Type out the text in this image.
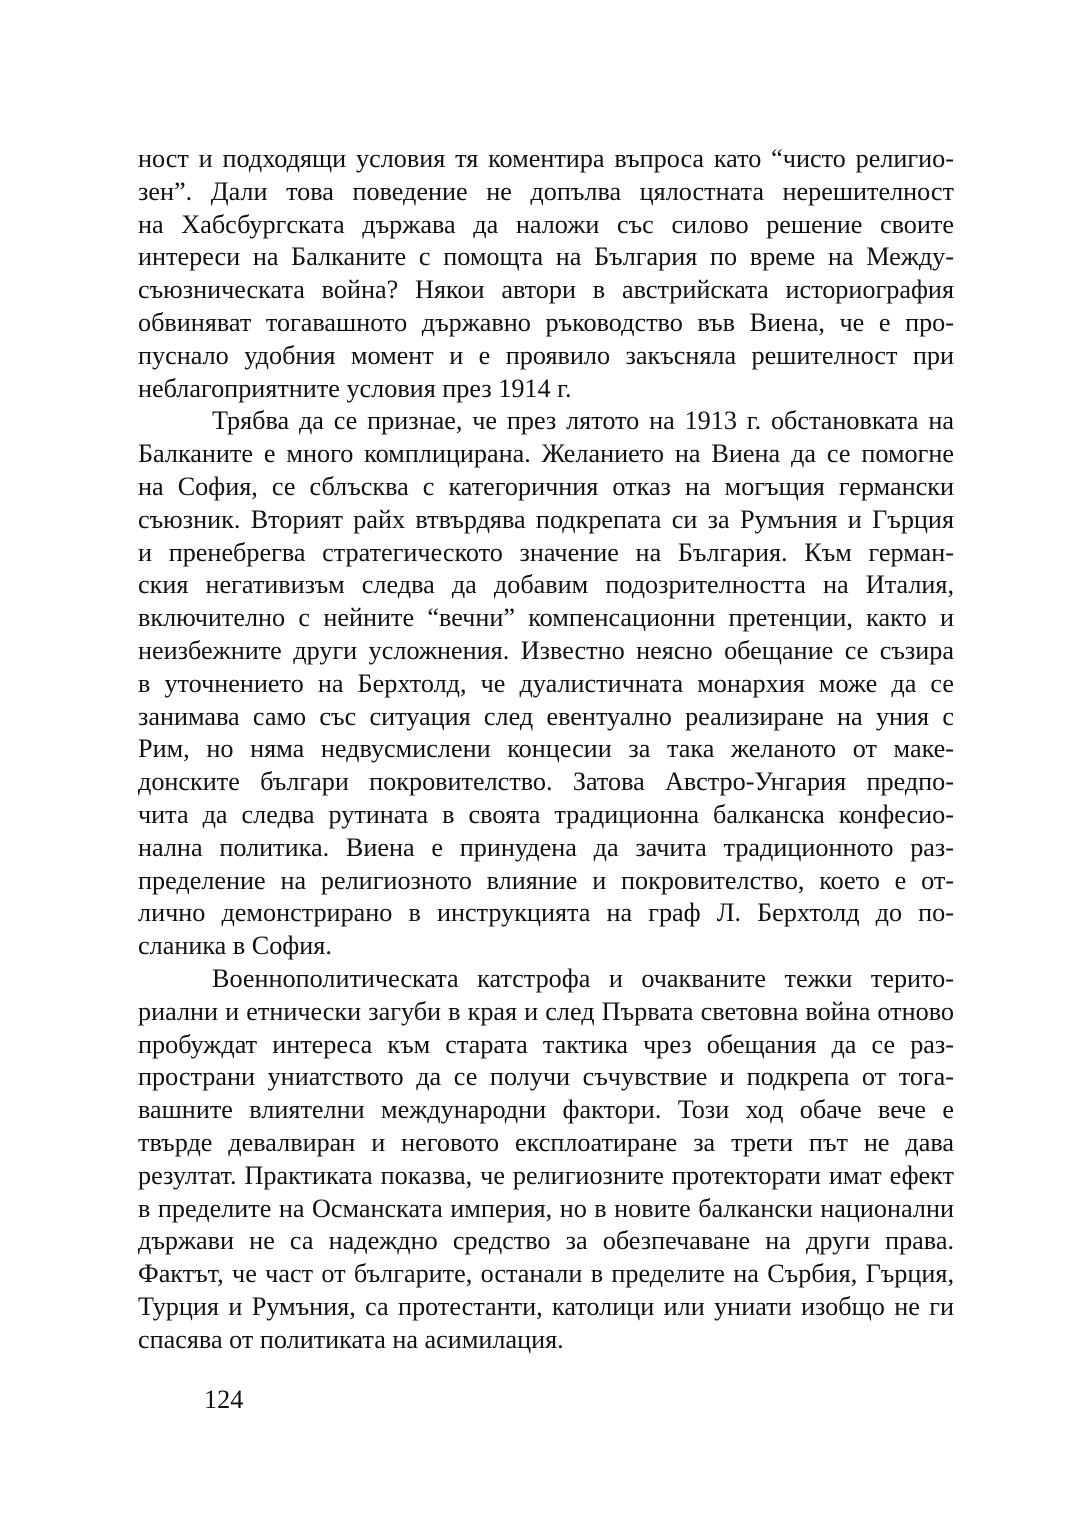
ност и подходящи условия тя коментира въпроса като “чисто религио-
зен”. Дали това поведение не допълва цялостната нерешителност
на Хабсбургската държава да наложи със силово решение своите
интереси на Балканите с помощта на България по време на Между-
съюзническата война? Някои автори в австрийската историография
обвиняват тогавашното държавно ръководство във Виена, че е про-
пуснало удобния момент и е проявило закъсняла решителност при
неблагоприятните условия през 1914 г.
Трябва да се признае, че през лятото на 1913 г. обстановката на
Балканите е много комплицирана. Желанието на Виена да се помогне
на София, се сблъсква с категоричния отказ на могъщия германски
съюзник. Вторият райх втвърдява подкрепата си за Румъния и Гърция
и пренебрегва стратегическото значение на България. Към герман-
ския негативизъм следва да добавим подозрителността на Италия,
включително с нейните “вечни” компенсационни претенции, както и
неизбежните други усложнения. Известно неясно обещание се съзира
в уточнението на Берхтолд, че дуалистичната монархия може да се
занимава само със ситуация след евентуално реализиране на уния с
Рим, но няма недвусмислени концесии за така желаното от маке-
донските българи покровителство. Затова Австро-Унгария предпо-
чита да следва рутината в своята традиционна балканска конфесио-
нална политика. Виена е принудена да зачита традиционното раз-
пределение на религиозното влияние и покровителство, което е от-
лично демонстрирано в инструкцията на граф Л. Берхтолд до по-
сланика в София.
Военнополитическата катстрофа и очакваните тежки терито-
риални и етнически загуби в края и след Първата световна война отново
пробуждат интереса към старата тактика чрез обещания да се раз-
пространи униатството да се получи съчувствие и подкрепа от тога-
вашните влиятелни международни фактори. Този ход обаче вече е
твърде девалвиран и неговото експлоатиране за трети път не дава
резултат. Практиката показва, че религиозните протекторати имат ефект
в пределите на Османската империя, но в новите балкански национални
държави не са надеждно средство за обезпечаване на други права.
Фактът, че част от българите, останали в пределите на Сърбия, Гърция,
Турция и Румъния, са протестанти, католици или униати изобщо не ги
спасява от политиката на асимилация.
124
